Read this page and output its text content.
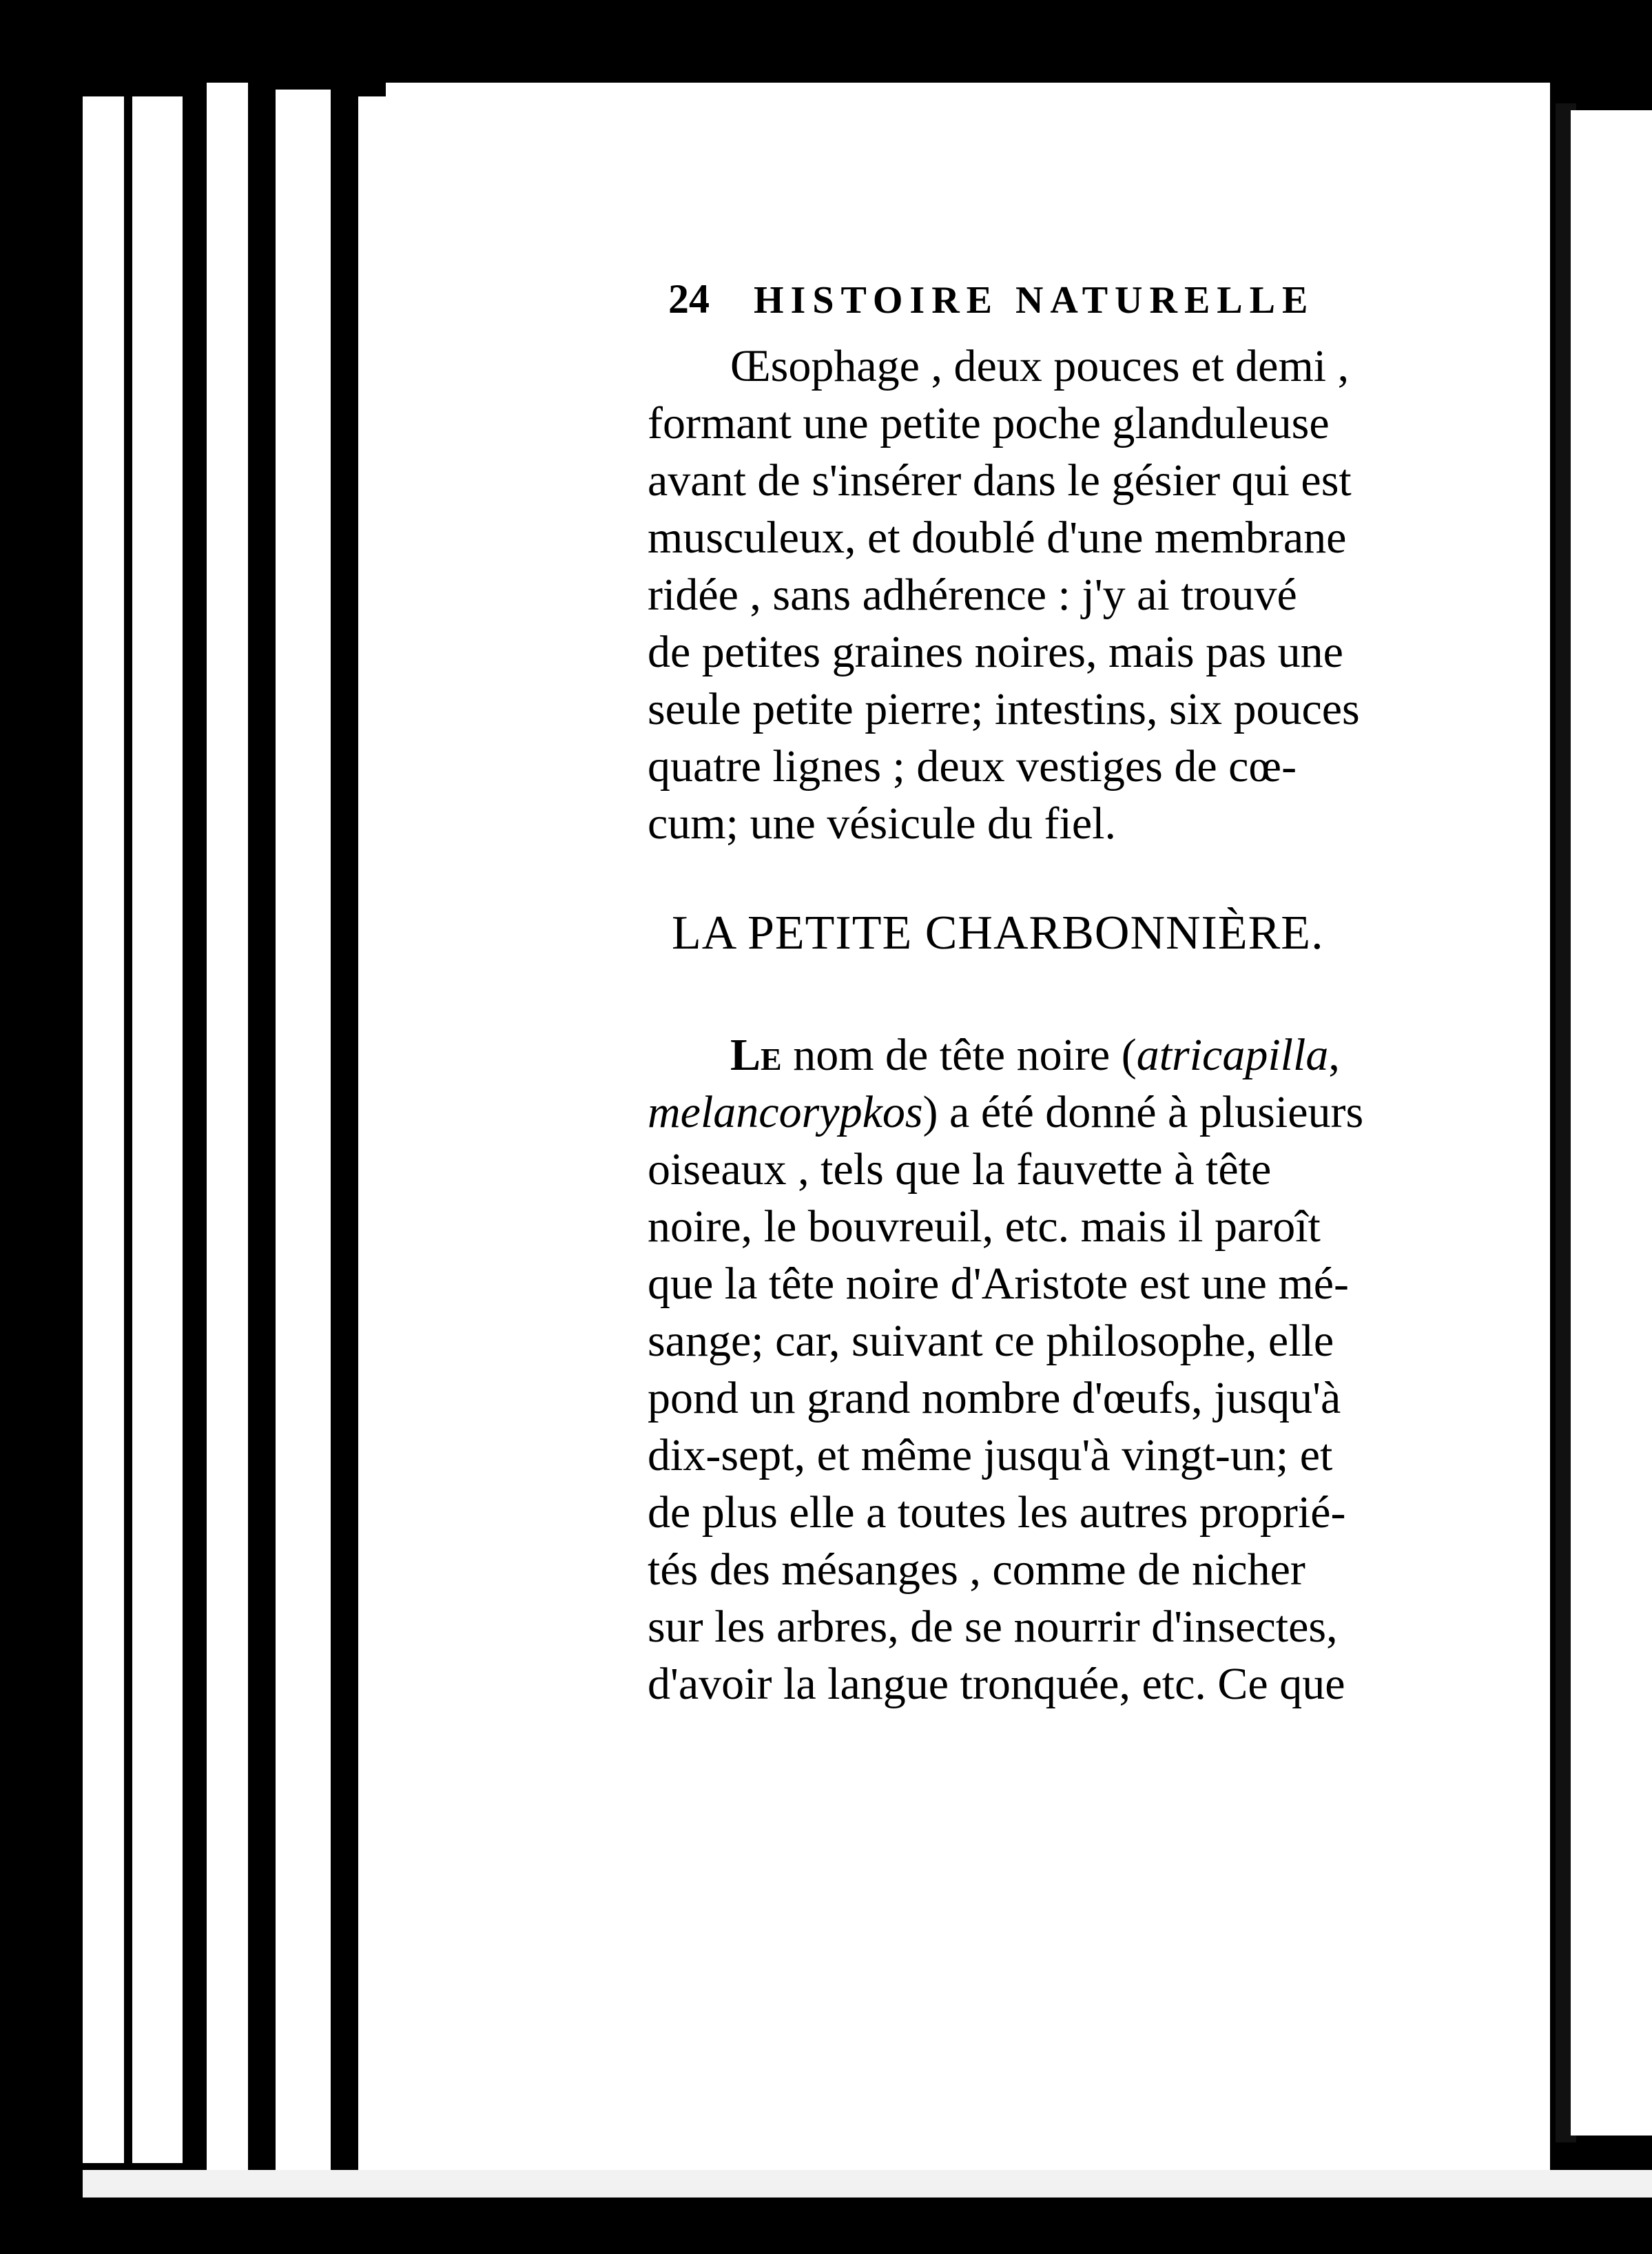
24 HISTOIRE NATURELLE
Œsophage , deux pouces et demi ,
formant une petite poche glanduleuse
avant de s'insérer dans le gésier qui est
musculeux, et doublé d'une membrane
ridée , sans adhérence : j'y ai trouvé
de petites graines noires, mais pas une
seule petite pierre; intestins, six pouces
quatre lignes ; deux vestiges de cœ-
cum; une vésicule du fiel.
LA PETITE CHARBONNIÈRE.
Le nom de tête noire (atricapilla,
melancorypkos) a été donné à plusieurs
oiseaux , tels que la fauvette à tête
noire, le bouvreuil, etc. mais il paroît
que la tête noire d'Aristote est une mé-
sange; car, suivant ce philosophe, elle
pond un grand nombre d'œufs, jusqu'à
dix-sept, et même jusqu'à vingt-un; et
de plus elle a toutes les autres proprié-
tés des mésanges , comme de nicher
sur les arbres, de se nourrir d'insectes,
d'avoir la langue tronquée, etc. Ce que
